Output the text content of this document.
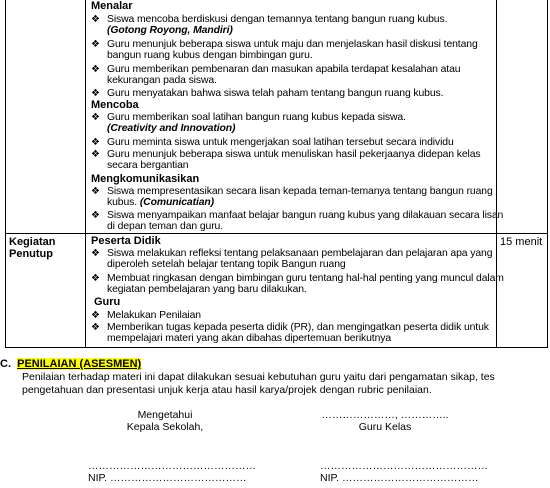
Menalar
❖ Siswa mencoba berdiskusi dengan temannya tentang bangun ruang kubus.
(Gotong Royong, Mandiri)
❖ Guru menunjuk beberapa siswa untuk maju dan menjelaskan hasil diskusi tentang bangun ruang kubus dengan bimbingan guru.
❖ Guru memberikan pembenaran dan masukan apabila terdapat kesalahan atau kekurangan pada siswa.
❖ Guru menyatakan bahwa siswa telah paham tentang bangun ruang kubus.
Mencoba
❖ Guru memberikan soal latihan bangun ruang kubus kepada siswa.
(Creativity and Innovation)
❖ Guru meminta siswa untuk mengerjakan soal latihan tersebut secara individu
❖ Guru menunjuk beberapa siswa untuk menuliskan hasil pekerjaanya didepan kelas secara bergantian
Mengkomunikasikan
❖ Siswa mempresentasikan secara lisan kepada teman-temanya tentang bangun ruang kubus. (Comunicatian)
❖ Siswa menyampaikan manfaat belajar bangun ruang kubus yang dilakauan secara lisan di depan teman dan guru.
Kegiatan Penutup
15 menit
Peserta Didik
❖ Siswa melakukan refleksi tentang pelaksanaan pembelajaran dan pelajaran apa yang diperoleh setelah belajar tentang topik Bangun ruang
❖ Membuat ringkasan dengan bimbingan guru tentang hal-hal penting yang muncul dalam kegiatan pembelajaran yang baru dilakukan.
Guru
❖ Melakukan Penilaian
❖ Memberikan tugas kepada peserta didik (PR), dan mengingatkan peserta didik untuk mempelajari materi yang akan dibahas dipertemuan berikutnya
C. PENILAIAN (ASESMEN)
Penilaian terhadap materi ini dapat dilakukan sesuai kebutuhan guru yaitu dari pengamatan sikap, tes pengetahuan dan presentasi unjuk kerja atau hasil karya/projek dengan rubric penilaian.
Mengetahui
Kepala Sekolah,
…………………, …………..
Guru Kelas
…………………………………………
NIP. …………………………………
…………………………………………
NIP. …………………………………
